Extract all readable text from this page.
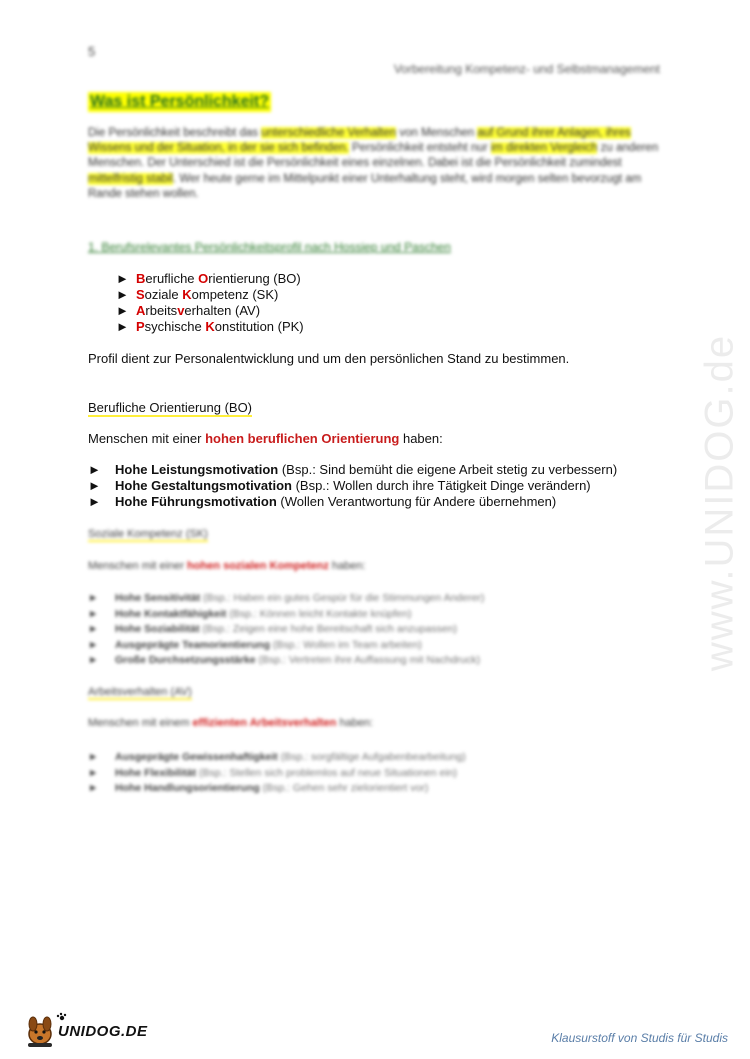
5
Vorbereitung Kompetenz- und Selbstmanagement
www.UNIDOG.de
Was ist Persönlichkeit?
Die Persönlichkeit beschreibt das unterschiedliche Verhalten von Menschen auf Grund ihrer Anlagen, ihres Wissens und der Situation, in der sie sich befinden. Persönlichkeit entsteht nur im direkten Vergleich zu anderen Menschen. Der Unterschied ist die Persönlichkeit eines einzelnen. Dabei ist die Persönlichkeit zumindest mittelfristig stabil. Wer heute gerne im Mittelpunkt einer Unterhaltung steht, wird morgen selten bevorzugt am Rande stehen wollen.
1. Berufsrelevantes Persönlichkeitsprofil nach Hossiep und Paschen
► Berufliche Orientierung (BO)
► Soziale Kompetenz (SK)
► Arbeitsverhalten (AV)
► Psychische Konstitution (PK)
Profil dient zur Personalentwicklung und um den persönlichen Stand zu bestimmen.
Berufliche Orientierung (BO)
Menschen mit einer hohen beruflichen Orientierung haben:
► Hohe Leistungsmotivation (Bsp.: Sind bemüht die eigene Arbeit stetig zu verbessern)
► Hohe Gestaltungsmotivation (Bsp.: Wollen durch ihre Tätigkeit Dinge verändern)
► Hohe Führungsmotivation (Wollen Verantwortung für Andere übernehmen)
Soziale Kompetenz (SK)
Menschen mit einer hohen sozialen Kompetenz haben:
► Hohe Sensitivität (Bsp.: Haben ein gutes Gespür für die Stimmungen Anderer)
► Hohe Kontaktfähigkeit (Bsp.: Können leicht Kontakte knüpfen)
► Hohe Soziabilität (Bsp.: Zeigen eine hohe Bereitschaft sich anzupassen)
► Ausgeprägte Teamorientierung (Bsp.: Wollen im Team arbeiten)
► Große Durchsetzungsstärke (Bsp.: Vertreten ihre Auffassung mit Nachdruck)
Arbeitsverhalten (AV)
Menschen mit einem effizienten Arbeitsverhalten haben:
► Ausgeprägte Gewissenhaftigkeit (Bsp.: sorgfältige Aufgabenbearbeitung)
► Hohe Flexibilität (Bsp.: Stellen sich problemlos auf neue Situationen ein)
► Hohe Handlungsorientierung (Bsp.: Gehen sehr zielorientiert vor)
UNIDOG.DE	Klausurstoff von Studis für Studis
